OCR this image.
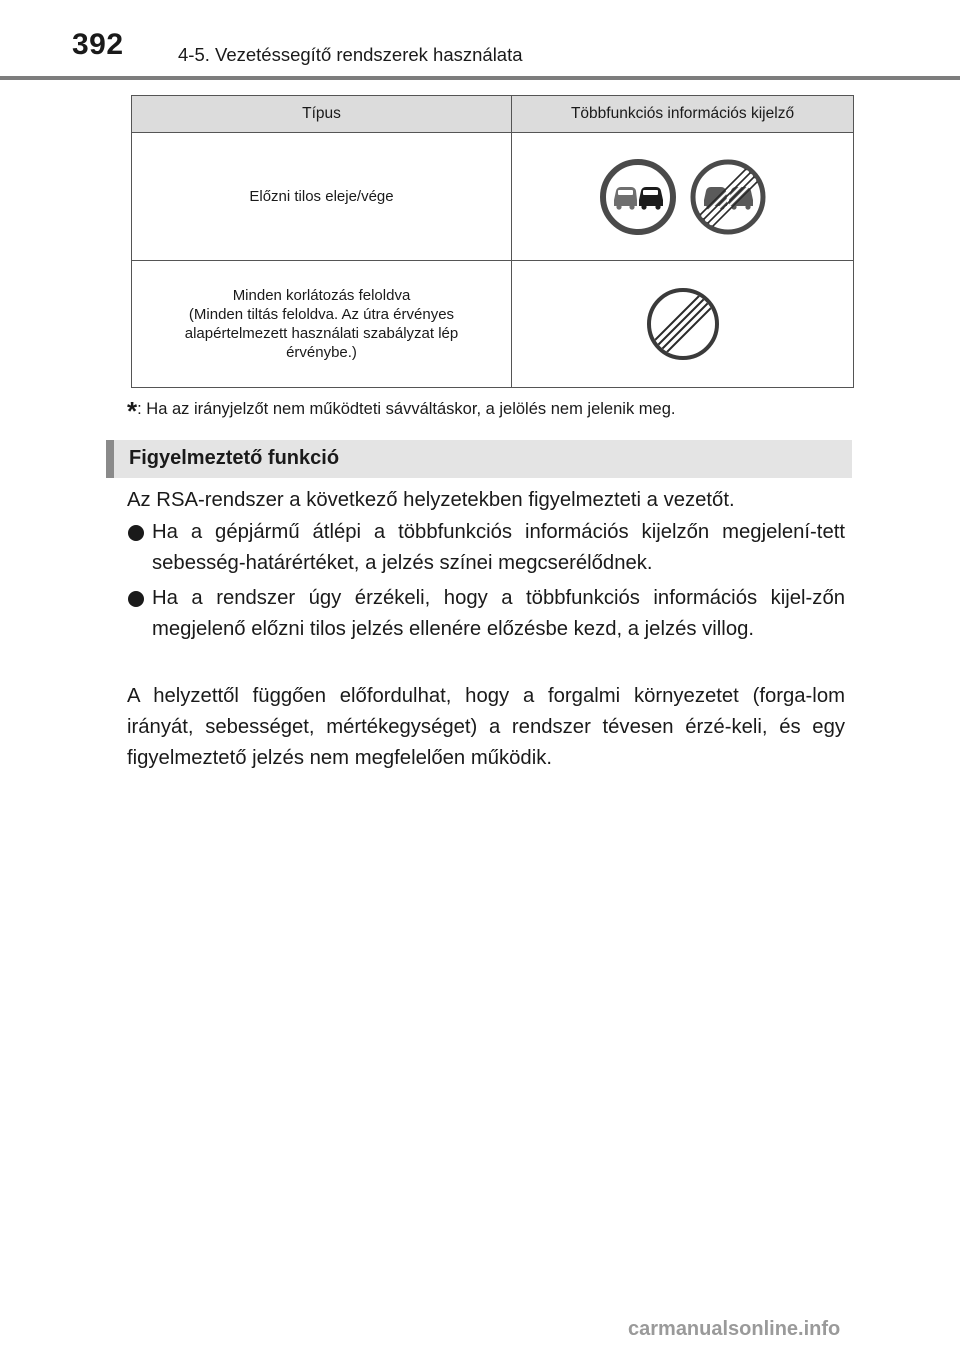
392	4-5. Vezetéssegítő rendszerek használata
Típus	Többfunkciós információs kijelző
Előzni tilos eleje/vége	

Minden korlátozás feloldva
(Minden tiltás feloldva. Az útra érvényes
alapértelmezett használati szabályzat lép
érvénybe.)

*: Ha az irányjelzőt nem működteti sávváltáskor, a jelölés nem jelenik meg.
Figyelmeztető funkció
Az RSA-rendszer a következő helyzetekben figyelmezteti a vezetőt.
Ha a gépjármű átlépi a többfunkciós információs kijelzőn megjelení-tett sebesség-határértéket, a jelzés színei megcserélődnek.
Ha a rendszer úgy érzékeli, hogy a többfunkciós információs kijel-zőn megjelenő előzni tilos jelzés ellenére előzésbe kezd, a jelzés villog.
A helyzettől függően előfordulhat, hogy a forgalmi környezetet (forga-lom irányát, sebességet, mértékegységet) a rendszer tévesen érzé-keli, és egy figyelmeztető jelzés nem megfelelően működik.
carmanualsonline.info
